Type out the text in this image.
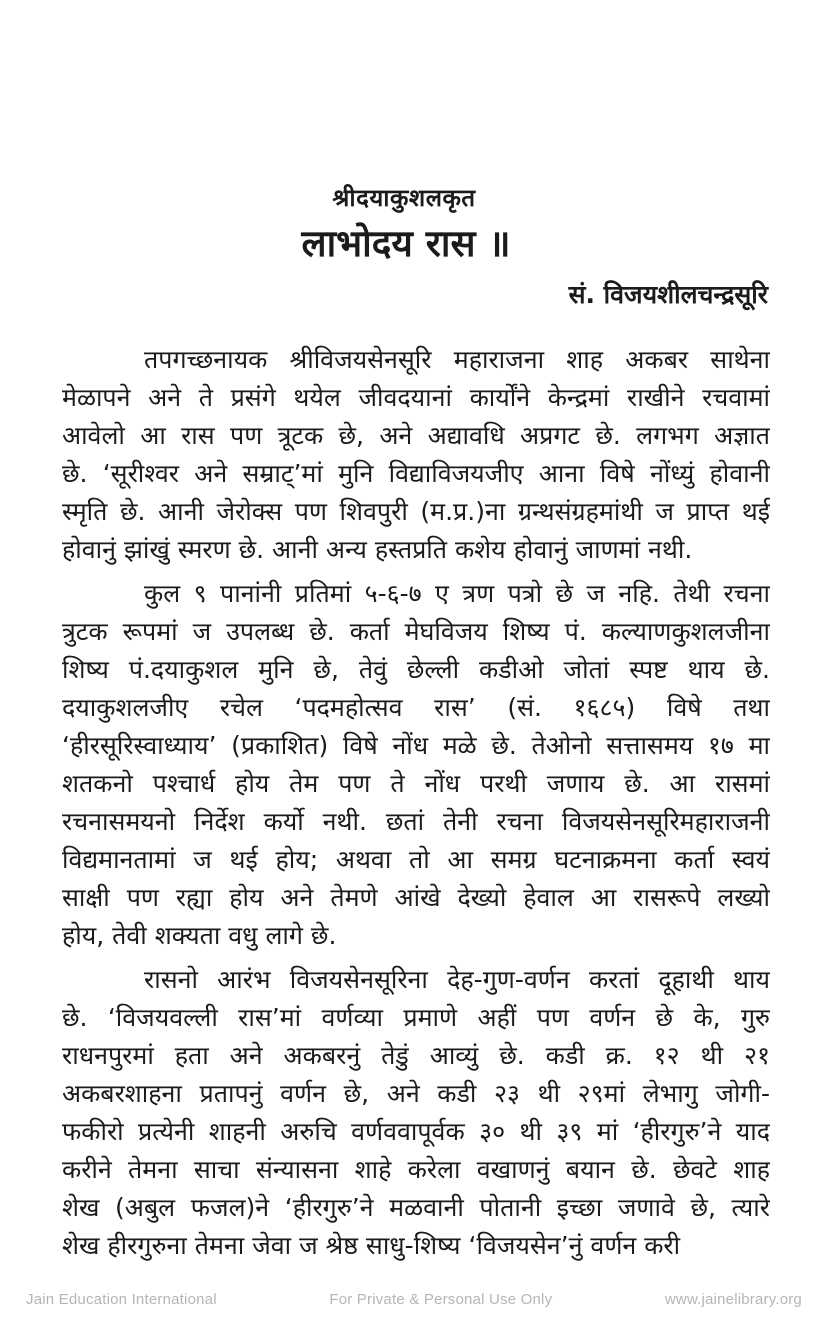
श्रीदयाकुशलकृत
लाभोदय रास ॥
सं. विजयशीलचन्द्रसूरि
तपगच्छनायक श्रीविजयसेनसूरि महाराजना शाह अकबर साथेना
मेळापने अने ते प्रसंगे थयेल जीवदयानां कार्योंने केन्द्रमां राखीने रचवामां
आवेलो आ रास पण त्रूटक छे, अने अद्यावधि अप्रगट छे. लगभग अज्ञात
छे. ‘सूरीश्वर अने सम्राट्’मां मुनि विद्याविजयजीए आना विषे नोंध्युं होवानी
स्मृति छे. आनी जेरोक्स पण शिवपुरी (म.प्र.)ना ग्रन्थसंग्रहमांथी ज प्राप्त थई
होवानुं झांखुं स्मरण छे. आनी अन्य हस्तप्रति कशेय होवानुं जाणमां नथी.
कुल ९ पानांनी प्रतिमां ५-६-७ ए त्रण पत्रो छे ज नहि. तेथी रचना
त्रुटक रूपमां ज उपलब्ध छे. कर्ता मेघविजय शिष्य पं. कल्याणकुशलजीना
शिष्य पं.दयाकुशल मुनि छे, तेवुं छेल्ली कडीओ जोतां स्पष्ट थाय छे.
दयाकुशलजीए रचेल ‘पदमहोत्सव रास’ (सं. १६८५) विषे तथा
‘हीरसूरिस्वाध्याय’ (प्रकाशित) विषे नोंध मळे छे. तेओनो सत्तासमय १७ मा
शतकनो पश्चार्ध होय तेम पण ते नोंध परथी जणाय छे. आ रासमां
रचनासमयनो निर्देश कर्यो नथी. छतां तेनी रचना विजयसेनसूरिमहाराजनी
विद्यमानतामां ज थई होय; अथवा तो आ समग्र घटनाक्रमना कर्ता स्वयं
साक्षी पण रह्या होय अने तेमणे आंखे देख्यो हेवाल आ रासरूपे लख्यो
होय, तेवी शक्यता वधु लागे छे.
रासनो आरंभ विजयसेनसूरिना देह-गुण-वर्णन करतां दूहाथी थाय
छे. ‘विजयवल्ली रास’मां वर्णव्या प्रमाणे अहीं पण वर्णन छे के, गुरु
राधनपुरमां हता अने अकबरनुं तेडुं आव्युं छे. कडी क्र. १२ थी २१
अकबरशाहना प्रतापनुं वर्णन छे, अने कडी २३ थी २९मां लेभागु जोगी-
फकीरो प्रत्येनी शाहनी अरुचि वर्णववापूर्वक ३० थी ३९ मां ‘हीरगुरु’ने याद
करीने तेमना साचा संन्यासना शाहे करेला वखाणनुं बयान छे. छेवटे शाह
शेख (अबुल फजल)ने ‘हीरगुरु’ने मळवानी पोतानी इच्छा जणावे छे, त्यारे
शेख हीरगुरुना तेमना जेवा ज श्रेष्ठ साधु-शिष्य ‘विजयसेन’नुं वर्णन करी
Jain Education International	For Private & Personal Use Only	www.jainelibrary.org
